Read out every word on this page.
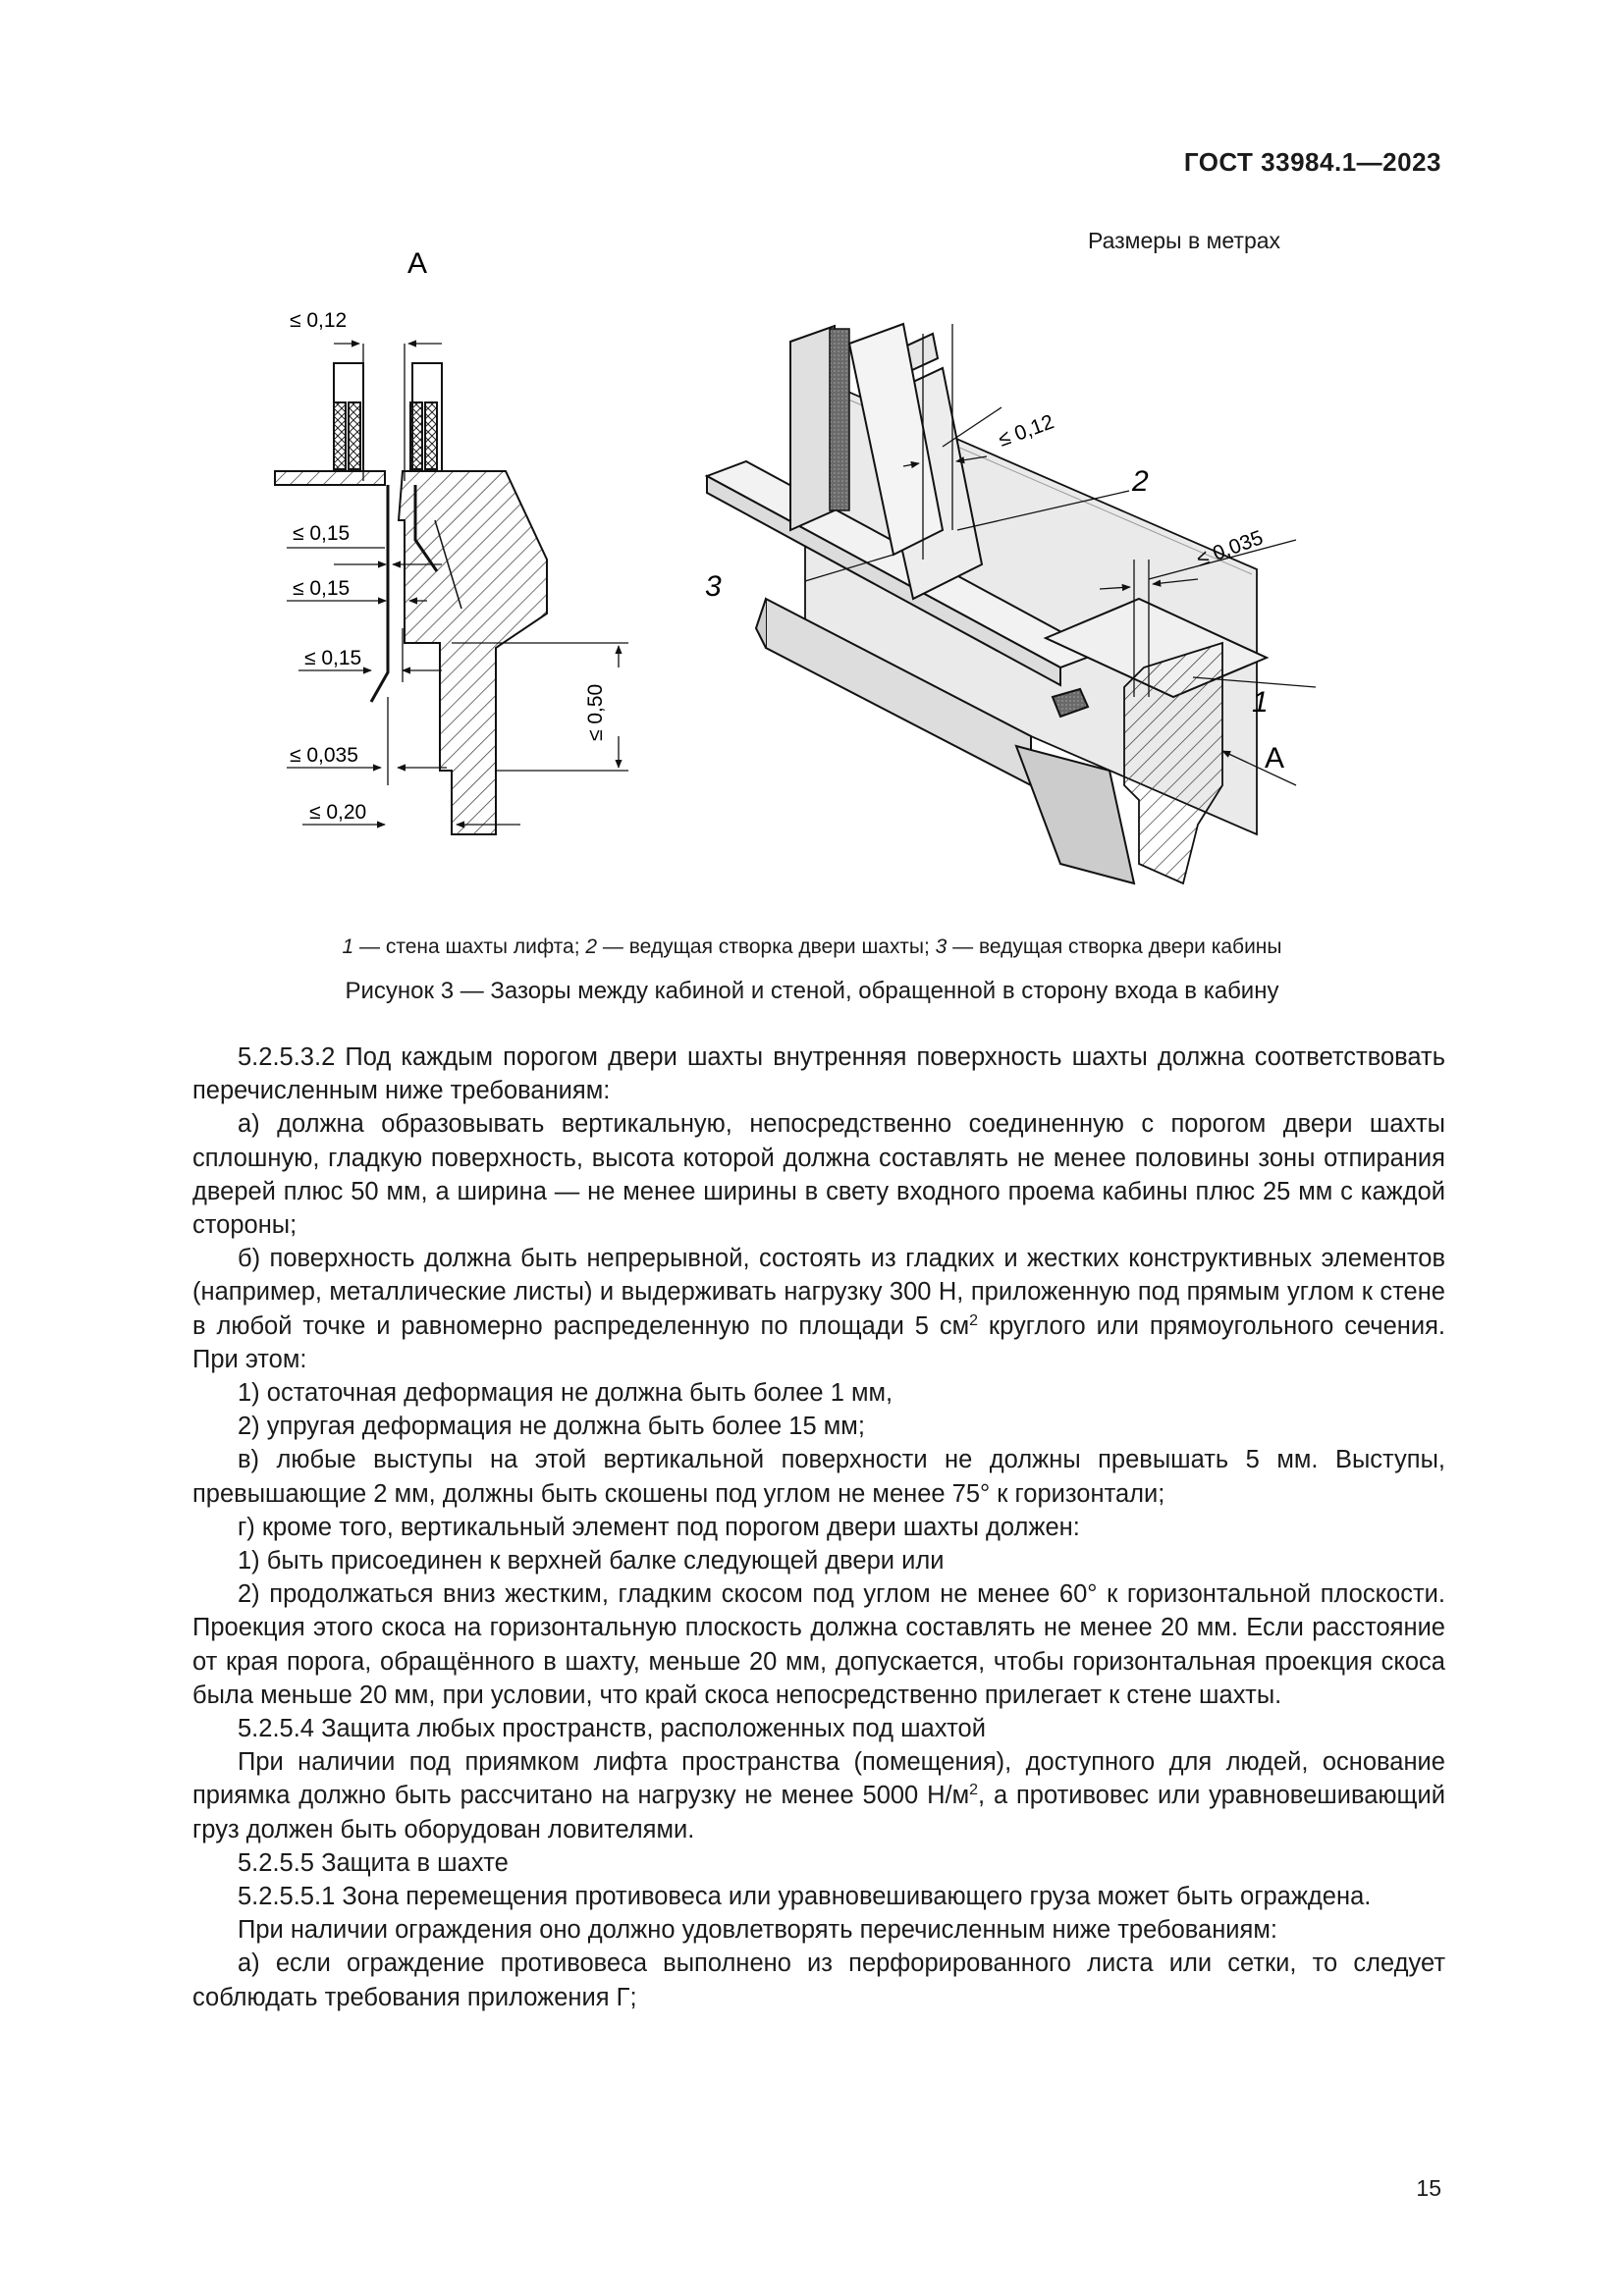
ГОСТ 33984.1—2023
Размеры в метрах
А
≤ 0,12
≤ 0,15
≤ 0,15
≤ 0,15
≤ 0,035
≤ 0,20
≤ 0,50
≤ 0,12
≤ 0,035
1
2
3
А
1 — стена шахты лифта; 2 — ведущая створка двери шахты; 3 — ведущая створка двери кабины
Рисунок 3 — Зазоры между кабиной и стеной, обращенной в сторону входа в кабину

5.2.5.3.2 Под каждым порогом двери шахты внутренняя поверхность шахты должна соответствовать перечисленным ниже требованиям:

а) должна образовывать вертикальную, непосредственно соединенную с порогом двери шахты сплошную, гладкую поверхность, высота которой должна составлять не менее половины зоны отпирания дверей плюс 50 мм, а ширина — не менее ширины в свету входного проема кабины плюс 25 мм с каждой стороны;

б) поверхность должна быть непрерывной, состоять из гладких и жестких конструктивных элементов (например, металлические листы) и выдерживать нагрузку 300 Н, приложенную под прямым углом к стене в любой точке и равномерно распределенную по площади 5 $см^2$ круглого или прямоугольного сечения. При этом:

1) остаточная деформация не должна быть более 1 мм,

2) упругая деформация не должна быть более 15 мм;

в) любые выступы на этой вертикальной поверхности не должны превышать 5 мм. Выступы, превышающие 2 мм, должны быть скошены под углом не менее 75° к горизонтали;

г) кроме того, вертикальный элемент под порогом двери шахты должен:

1) быть присоединен к верхней балке следующей двери или

2) продолжаться вниз жестким, гладким скосом под углом не менее 60° к горизонтальной плоскости. Проекция этого скоса на горизонтальную плоскость должна составлять не менее 20 мм. Если расстояние от края порога, обращённого в шахту, меньше 20 мм, допускается, чтобы горизонтальная проекция скоса была меньше 20 мм, при условии, что край скоса непосредственно прилегает к стене шахты.

5.2.5.4 Защита любых пространств, расположенных под шахтой

При наличии под приямком лифта пространства (помещения), доступного для людей, основание приямка должно быть рассчитано на нагрузку не менее 5000 $Н/м^2$, а противовес или уравновешивающий груз должен быть оборудован ловителями.

5.2.5.5 Защита в шахте

5.2.5.5.1 Зона перемещения противовеса или уравновешивающего груза может быть ограждена.

При наличии ограждения оно должно удовлетворять перечисленным ниже требованиям:

а) если ограждение противовеса выполнено из перфорированного листа или сетки, то следует соблюдать требования приложения Г;

15
